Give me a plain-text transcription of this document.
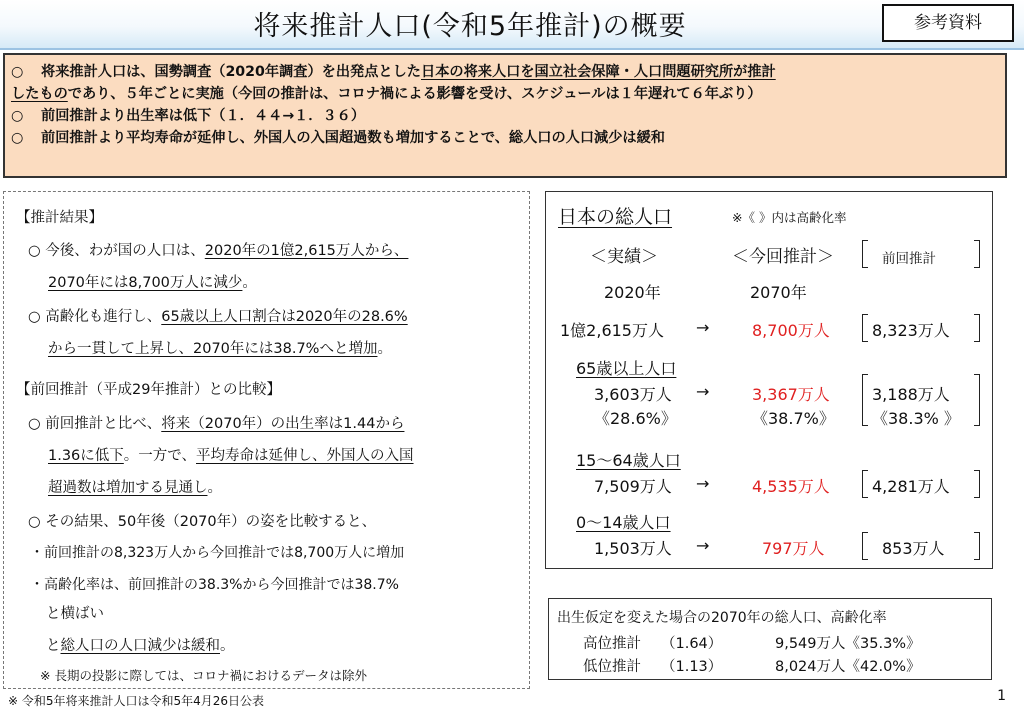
将来推計人口(令和5年推計)の概要	参考資料
○ 将来推計人口は、国勢調査（2020年調査）を出発点とした日本の将来人口を国立社会保障・人口問題研究所が推計
したものであり、５年ごとに実施（今回の推計は、コロナ禍による影響を受け、スケジュールは１年遅れて６年ぶり）
○ 前回推計より出生率は低下（１．４４→１．３６）
○ 前回推計より平均寿命が延伸し、外国人の入国超過数も増加することで、総人口の人口減少は緩和
【推計結果】
○ 今後、わが国の人口は、2020年の1億2,615万人から、
2070年には8,700万人に減少。
○ 高齢化も進行し、65歳以上人口割合は2020年の28.6%
から一貫して上昇し、2070年には38.7%へと増加。
【前回推計（平成29年推計）との比較】
○ 前回推計と比べ、将来（2070年）の出生率は1.44から
1.36に低下。一方で、平均寿命は延伸し、外国人の入国
超過数は増加する見通し。
○ その結果、50年後（2070年）の姿を比較すると、
・前回推計の8,323万人から今回推計では8,700万人に増加
・高齢化率は、前回推計の38.3%から今回推計では38.7%
と横ばい
と総人口の人口減少は緩和。
※ 長期の投影に際しては、コロナ禍におけるデータは除外
日本の総人口	※《 》内は高齢化率
＜実績＞	＜今回推計＞	前回推計
2020年	2070年
1億2,615万人 →	8,700万人	8,323万人
65歳以上人口
3,603万人 →	3,367万人	3,188万人
《28.6%》	《38.7%》 《38.3% 》
15～64歳人口
7,509万人 →	4,535万人	4,281万人
0～14歳人口
1,503万人 →	797万人	853万人
出生仮定を変えた場合の2070年の総人口、高齢化率
高位推計 （1.64）	9,549万人《35.3%》
低位推計 （1.13）	8,024万人《42.0%》
※ 令和5年将来推計人口は令和5年4月26日公表	1
